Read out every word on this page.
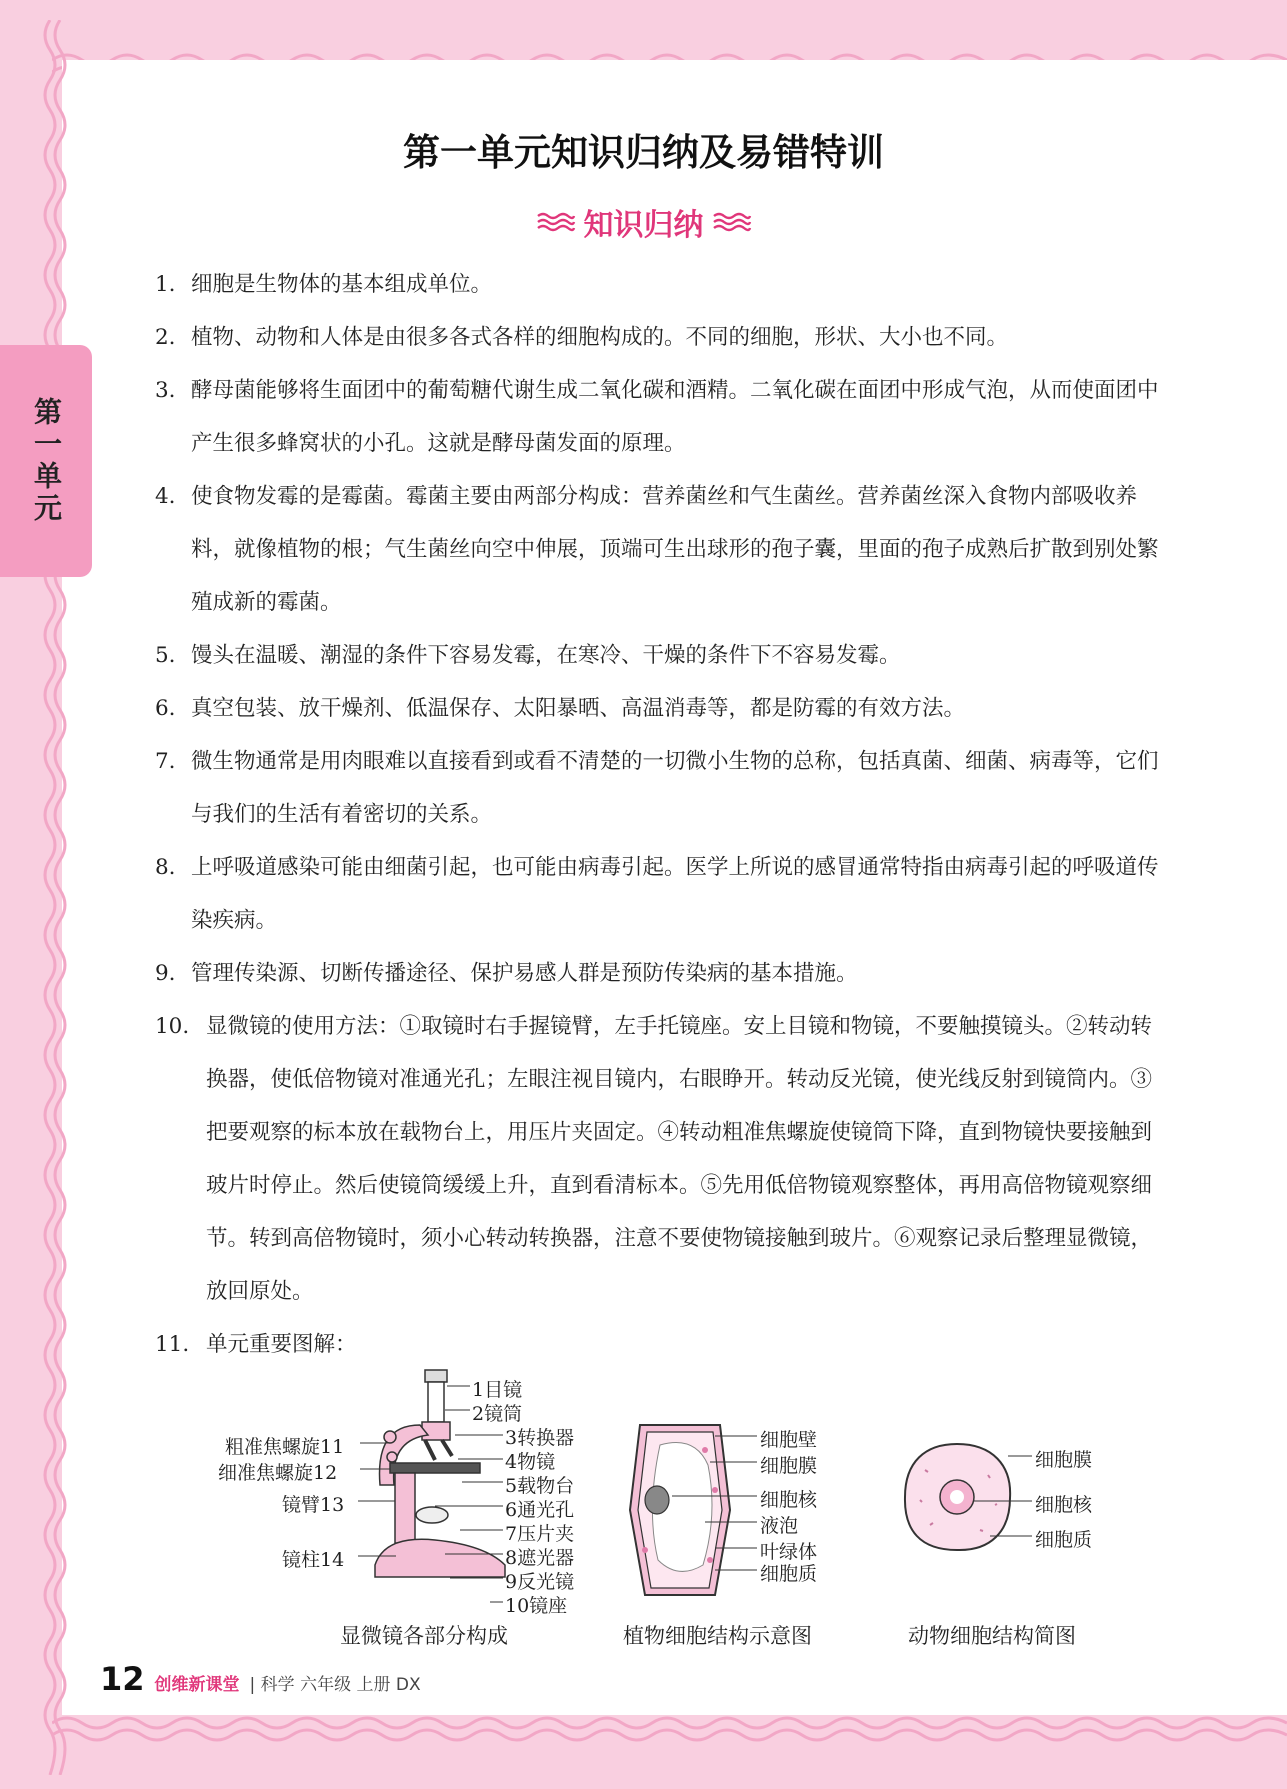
第一单元
第一单元知识归纳及易错特训
知识归纳
1. 细胞是生物体的基本组成单位。
2. 植物、动物和人体是由很多各式各样的细胞构成的。不同的细胞，形状、大小也不同。
3. 酵母菌能够将生面团中的葡萄糖代谢生成二氧化碳和酒精。二氧化碳在面团中形成气泡，从而使面团中产生很多蜂窝状的小孔。这就是酵母菌发面的原理。
4. 使食物发霉的是霉菌。霉菌主要由两部分构成：营养菌丝和气生菌丝。营养菌丝深入食物内部吸收养料，就像植物的根；气生菌丝向空中伸展，顶端可生出球形的孢子囊，里面的孢子成熟后扩散到别处繁殖成新的霉菌。
5. 馒头在温暖、潮湿的条件下容易发霉，在寒冷、干燥的条件下不容易发霉。
6. 真空包装、放干燥剂、低温保存、太阳暴晒、高温消毒等，都是防霉的有效方法。
7. 微生物通常是用肉眼难以直接看到或看不清楚的一切微小生物的总称，包括真菌、细菌、病毒等，它们与我们的生活有着密切的关系。
8. 上呼吸道感染可能由细菌引起，也可能由病毒引起。医学上所说的感冒通常特指由病毒引起的呼吸道传染疾病。
9. 管理传染源、切断传播途径、保护易感人群是预防传染病的基本措施。
10. 显微镜的使用方法：①取镜时右手握镜臂，左手托镜座。安上目镜和物镜，不要触摸镜头。②转动转换器，使低倍物镜对准通光孔；左眼注视目镜内，右眼睁开。转动反光镜，使光线反射到镜筒内。③把要观察的标本放在载物台上，用压片夹固定。④转动粗准焦螺旋使镜筒下降，直到物镜快要接触到玻片时停止。然后使镜筒缓缓上升，直到看清标本。⑤先用低倍物镜观察整体，再用高倍物镜观察细节。转到高倍物镜时，须小心转动转换器，注意不要使物镜接触到玻片。⑥观察记录后整理显微镜，放回原处。
11. 单元重要图解：
1目镜
2镜筒
3转换器
4物镜
5载物台
6通光孔
7压片夹
8遮光器
9反光镜
10镜座
粗准焦螺旋11
细准焦螺旋12
镜臂13
镜柱14
显微镜各部分构成
细胞壁
细胞膜
细胞核
液泡
叶绿体
细胞质
植物细胞结构示意图
细胞膜
细胞核
细胞质
动物细胞结构简图
12 创维新课堂 | 科学 六年级 上册 DX
